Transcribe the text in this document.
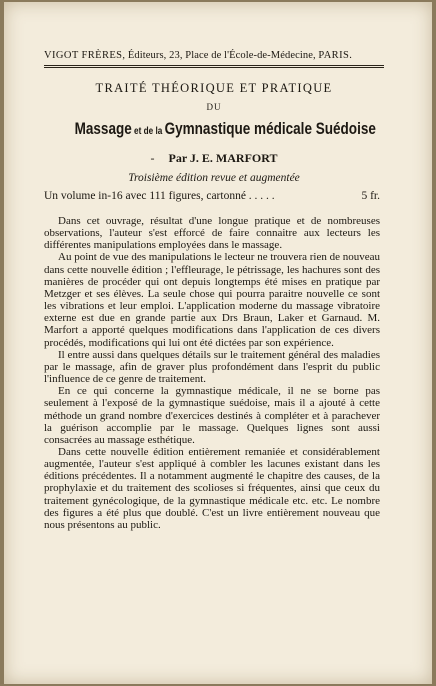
VIGOT FRÈRES, Éditeurs, 23, Place de l'École-de-Médecine, PARIS.
TRAITÉ THÉORIQUE ET PRATIQUE
DU
Massage et de la Gymnastique médicale Suédoise
- Par J. E. MARFORT
Troisième édition revue et augmentée
Un volume in-16 avec 111 figures, cartonné . . . . .	5 fr.

Dans cet ouvrage, résultat d'une longue pratique et de nombreuses observations, l'auteur s'est efforcé de faire connaitre aux lecteurs les différentes manipulations employées dans le massage.

Au point de vue des manipulations le lecteur ne trouvera rien de nouveau dans cette nouvelle édition ; l'effleurage, le pétrissage, les hachures sont des manières de procéder qui ont depuis longtemps été mises en pratique par Metzger et ses élèves. La seule chose qui pourra paraitre nouvelle ce sont les vibrations et leur emploi. L'application moderne du massage vibratoire externe est due en grande partie aux Drs Braun, Laker et Garnaud. M. Marfort a apporté quelques modifications dans l'application de ces divers procédés, modifications qui lui ont été dictées par son expérience.

Il entre aussi dans quelques détails sur le traitement général des maladies par le massage, afin de graver plus profondément dans l'esprit du public l'influence de ce genre de traitement.

En ce qui concerne la gymnastique médicale, il ne se borne pas seulement à l'exposé de la gymnastique suédoise, mais il a ajouté à cette méthode un grand nombre d'exercices destinés à compléter et à parachever la guérison accomplie par le massage. Quelques lignes sont aussi consacrées au massage esthétique.

Dans cette nouvelle édition entièrement remaniée et considérablement augmentée, l'auteur s'est appliqué à combler les lacunes existant dans les éditions précédentes. Il a notamment augmenté le chapitre des causes, de la prophylaxie et du traitement des scolioses si fréquentes, ainsi que ceux du traitement gynécologique, de la gymnastique médicale etc. etc. Le nombre des figures a été plus que doublé. C'est un livre entièrement nouveau que nous présentons au public.
